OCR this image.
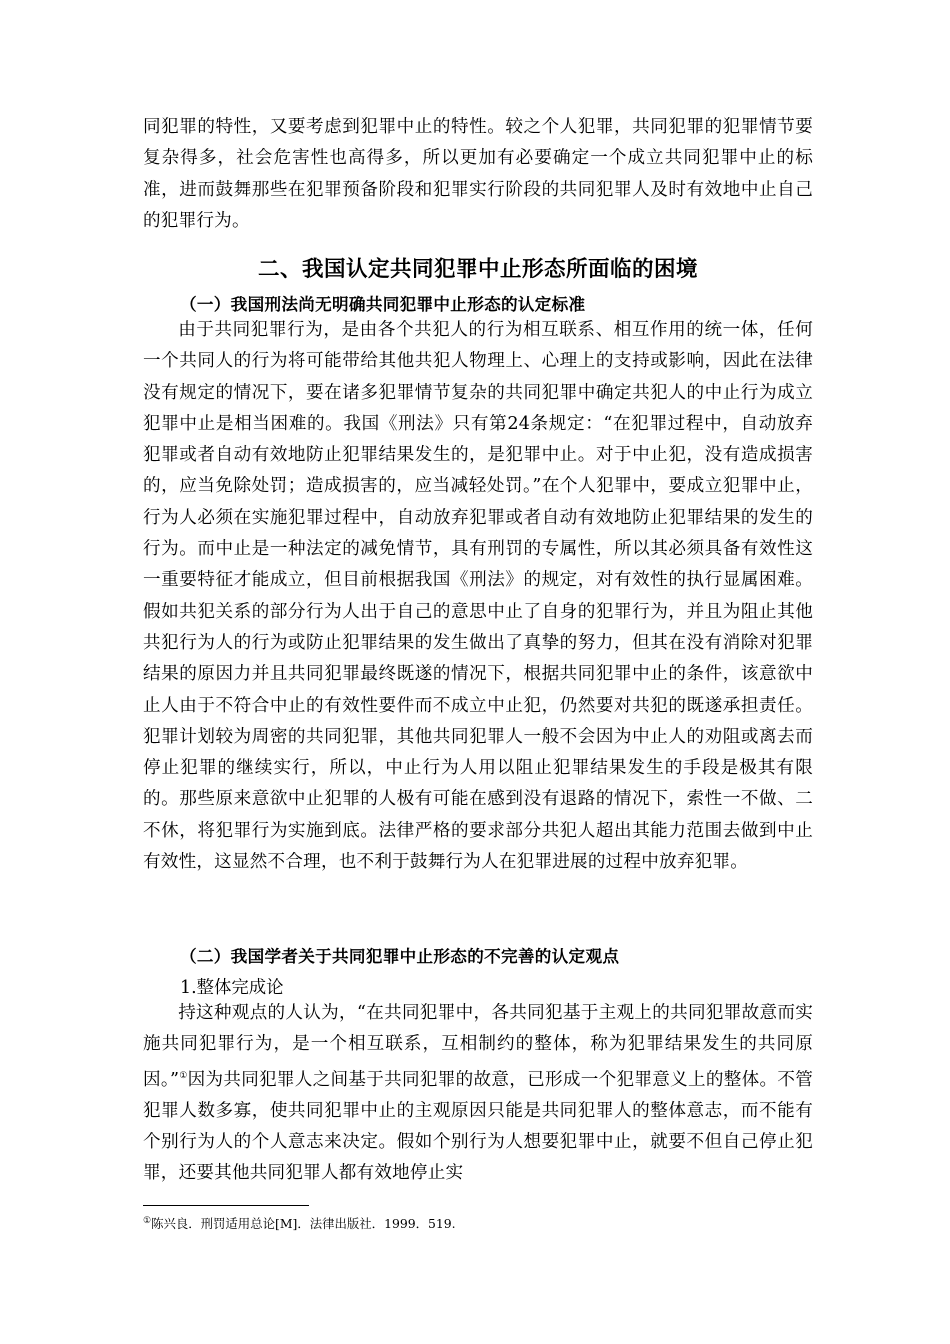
同犯罪的特性，又要考虑到犯罪中止的特性。较之个人犯罪，共同犯罪的犯罪情节要复杂得多，社会危害性也高得多，所以更加有必要确定一个成立共同犯罪中止的标准，进而鼓舞那些在犯罪预备阶段和犯罪实行阶段的共同犯罪人及时有效地中止自己的犯罪行为。

二、我国认定共同犯罪中止形态所面临的困境
（一）我国刑法尚无明确共同犯罪中止形态的认定标准

由于共同犯罪行为，是由各个共犯人的行为相互联系、相互作用的统一体，任何一个共同人的行为将可能带给其他共犯人物理上、心理上的支持或影响，因此在法律没有规定的情况下，要在诸多犯罪情节复杂的共同犯罪中确定共犯人的中止行为成立犯罪中止是相当困难的。我国《刑法》只有第24条规定：“在犯罪过程中，自动放弃犯罪或者自动有效地防止犯罪结果发生的，是犯罪中止。对于中止犯，没有造成损害的，应当免除处罚；造成损害的，应当减轻处罚。”在个人犯罪中，要成立犯罪中止，行为人必须在实施犯罪过程中，自动放弃犯罪或者自动有效地防止犯罪结果的发生的行为。而中止是一种法定的减免情节，具有刑罚的专属性，所以其必须具备有效性这一重要特征才能成立，但目前根据我国《刑法》的规定，对有效性的执行显属困难。假如共犯关系的部分行为人出于自己的意思中止了自身的犯罪行为，并且为阻止其他共犯行为人的行为或防止犯罪结果的发生做出了真挚的努力，但其在没有消除对犯罪结果的原因力并且共同犯罪最终既遂的情况下，根据共同犯罪中止的条件，该意欲中止人由于不符合中止的有效性要件而不成立中止犯，仍然要对共犯的既遂承担责任。犯罪计划较为周密的共同犯罪，其他共同犯罪人一般不会因为中止人的劝阻或离去而停止犯罪的继续实行，所以，中止行为人用以阻止犯罪结果发生的手段是极其有限的。那些原来意欲中止犯罪的人极有可能在感到没有退路的情况下，索性一不做、二不休，将犯罪行为实施到底。法律严格的要求部分共犯人超出其能力范围去做到中止有效性，这显然不合理，也不利于鼓舞行为人在犯罪进展的过程中放弃犯罪。

（二）我国学者关于共同犯罪中止形态的不完善的认定观点
1.整体完成论

持这种观点的人认为，“在共同犯罪中，各共同犯基于主观上的共同犯罪故意而实施共同犯罪行为，是一个相互联系，互相制约的整体，称为犯罪结果发生的共同原因。”①因为共同犯罪人之间基于共同犯罪的故意，已形成一个犯罪意义上的整体。不管犯罪人数多寡，使共同犯罪中止的主观原因只能是共同犯罪人的整体意志，而不能有个别行为人的个人意志来决定。假如个别行为人想要犯罪中止，就要不但自己停止犯罪，还要其他共同犯罪人都有效地停止实

①陈兴良．刑罚适用总论[M]．法律出版社．1999．519.
